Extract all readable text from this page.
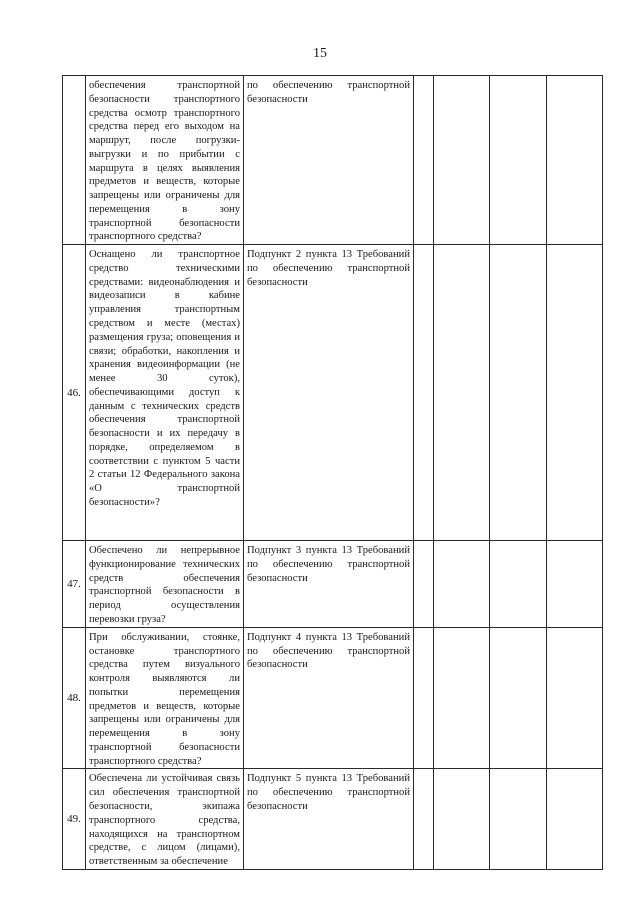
15
	обеспечения транспортной безопасности транспортного средства осмотр транспортного средства перед его выходом на маршрут, после погрузки-выгрузки и по прибытии с маршрута в целях выявления предметов и веществ, которые запрещены или ограничены для перемещения в зону транспортной безопасности транспортного средства?	по обеспечению транспортной безопасности				
46.	Оснащено ли транспортное средство техническими средствами: видеонаблюдения и видеозаписи в кабине управления транспортным средством и месте (местах) размещения груза; оповещения и связи; обработки, накопления и хранения видеоинформации (не менее 30 суток), обеспечивающими доступ к данным с технических средств обеспечения транспортной безопасности и их передачу в порядке, определяемом в соответствии с пунктом 5 части 2 статьи 12 Федерального закона «О транспортной безопасности»?	Подпункт 2 пункта 13 Требований по обеспечению транспортной безопасности				
47.	Обеспечено ли непрерывное функционирование технических средств обеспечения транспортной безопасности в период осуществления перевозки груза?	Подпункт 3 пункта 13 Требований по обеспечению транспортной безопасности				
48.	При обслуживании, стоянке, остановке транспортного средства путем визуального контроля выявляются ли попытки перемещения предметов и веществ, которые запрещены или ограничены для перемещения в зону транспортной безопасности транспортного средства?	Подпункт 4 пункта 13 Требований по обеспечению транспортной безопасности				
49.	Обеспечена ли устойчивая связь сил обеспечения транспортной безопасности, экипажа транспортного средства, находящихся на транспортном средстве, с лицом (лицами), ответственным за обеспечение	Подпункт 5 пункта 13 Требований по обеспечению транспортной безопасности				
